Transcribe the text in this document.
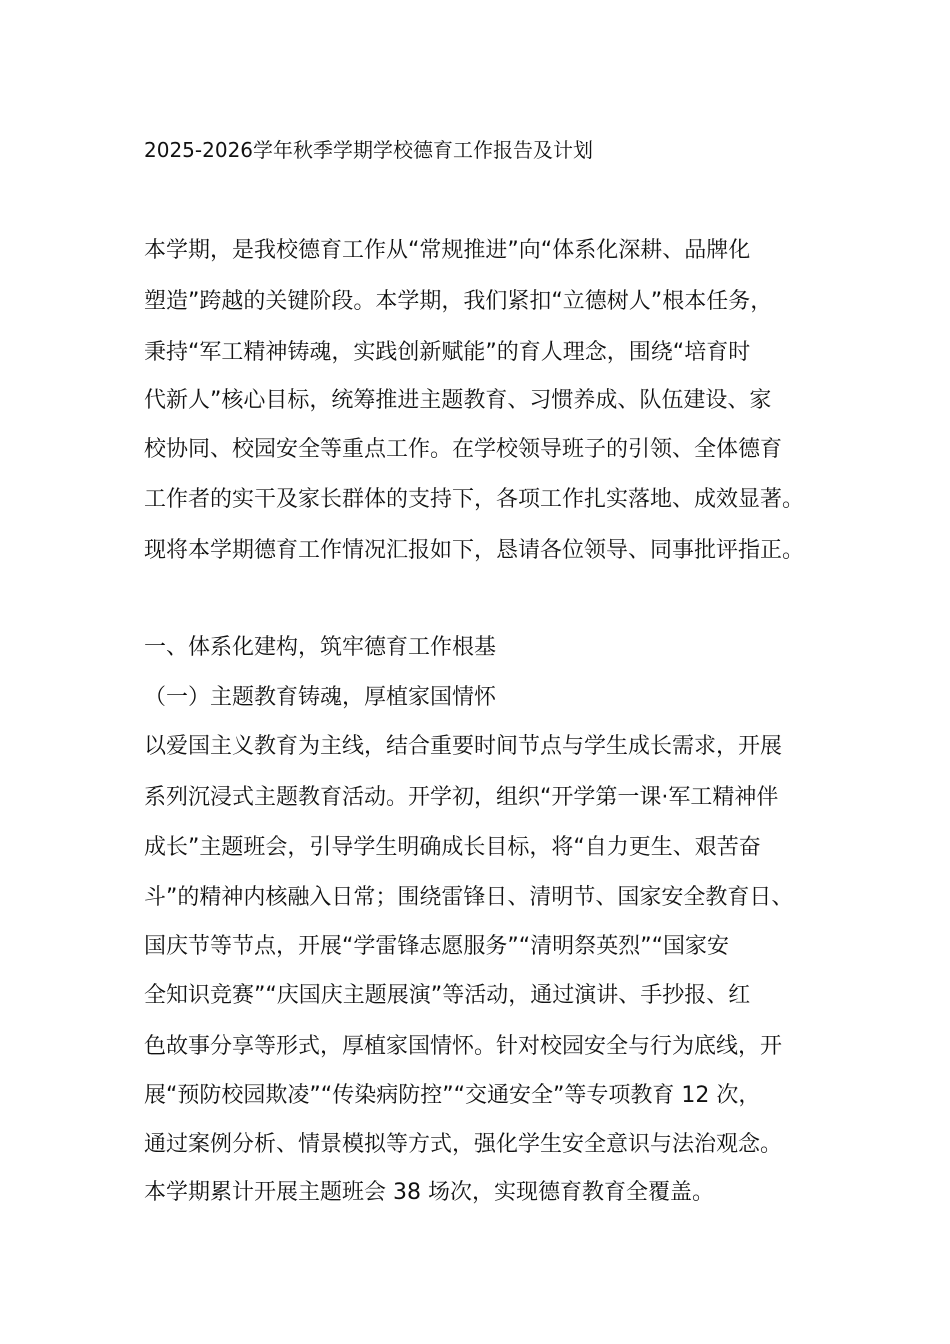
2025-2026学年秋季学期学校德育工作报告及计划
本学期，是我校德育工作从“常规推进”向“体系化深耕、品牌化
塑造”跨越的关键阶段。本学期，我们紧扣“立德树人”根本任务，
秉持“军工精神铸魂，实践创新赋能”的育人理念，围绕“培育时
代新人”核心目标，统筹推进主题教育、习惯养成、队伍建设、家
校协同、校园安全等重点工作。在学校领导班子的引领、全体德育
工作者的实干及家长群体的支持下，各项工作扎实落地、成效显著。
现将本学期德育工作情况汇报如下，恳请各位领导、同事批评指正。
一、体系化建构，筑牢德育工作根基
（一）主题教育铸魂，厚植家国情怀
以爱国主义教育为主线，结合重要时间节点与学生成长需求，开展
系列沉浸式主题教育活动。开学初，组织“开学第一课·军工精神伴
成长”主题班会，引导学生明确成长目标，将“自力更生、艰苦奋
斗”的精神内核融入日常；围绕雷锋日、清明节、国家安全教育日、
国庆节等节点，开展“学雷锋志愿服务”“清明祭英烈”“国家安
全知识竞赛”“庆国庆主题展演”等活动，通过演讲、手抄报、红
色故事分享等形式，厚植家国情怀。针对校园安全与行为底线，开
展“预防校园欺凌”“传染病防控”“交通安全”等专项教育 12 次，
通过案例分析、情景模拟等方式，强化学生安全意识与法治观念。
本学期累计开展主题班会 38 场次，实现德育教育全覆盖。
